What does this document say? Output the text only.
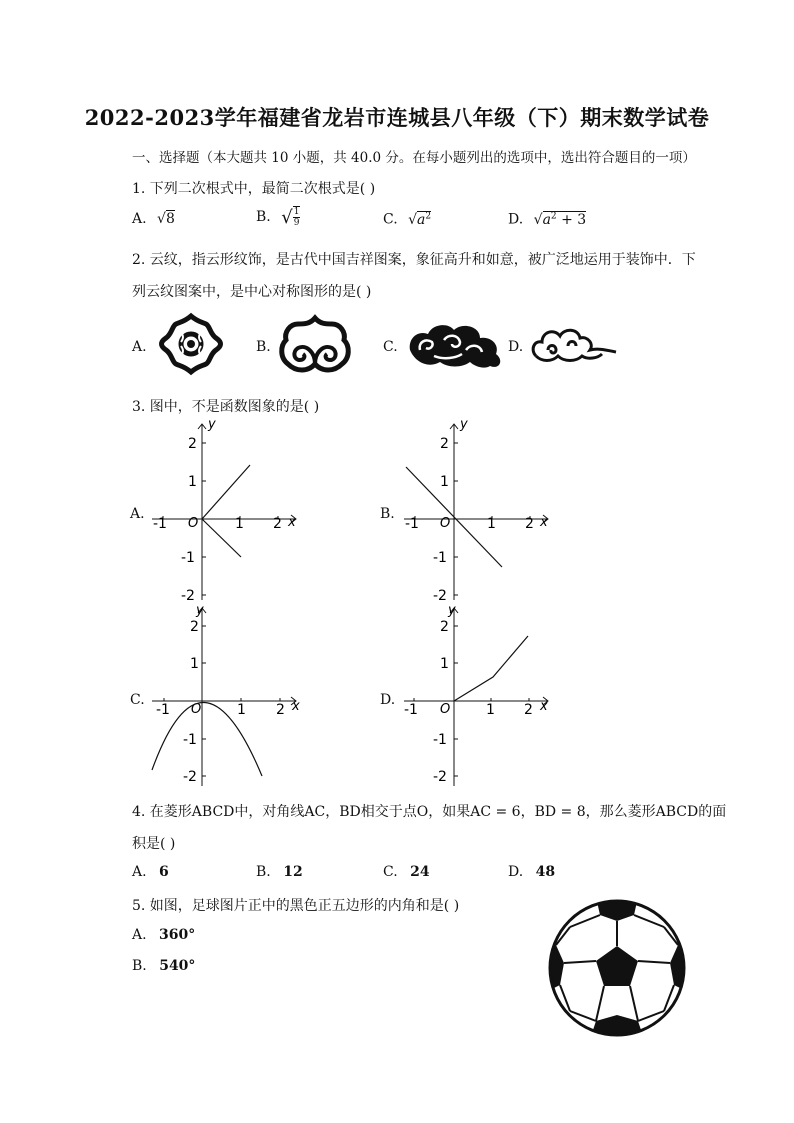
2022-2023学年福建省龙岩市连城县八年级（下）期末数学试卷
一、选择题（本大题共 10 小题，共 40.0 分。在每小题列出的选项中，选出符合题目的一项）
1. 下列二次根式中，最简二次根式是( )
A. √8	B. √ $\frac{1}{9}$	C. $√a^2$	D. $√a^2 + 3$
2. 云纹，指云形纹饰，是古代中国吉祥图案，象征高升和如意，被广泛地运用于装饰中．下
列云纹图案中，是中心对称图形的是( )
A.	B.	C.	D.
3. 图中，不是函数图象的是( )
A.	B.
C.	D.
y
x
O
-1	1 2
2
1
-1
-2
y
x
O
-1	1 2
2
1
-1
-2
y
x
O
-1	1 2
2
1
-1
-2
y
x
O
-1	1 2
2
1
-1
-2
4. 在菱形ABCD中，对角线AC，BD相交于点O，如果AC = 6，BD = 8，那么菱形ABCD的面
积是( )
A. 6	B. 12	C. 24	D. 48
5. 如图，足球图片正中的黑色正五边形的内角和是( )
A. 360°
B. 540°
